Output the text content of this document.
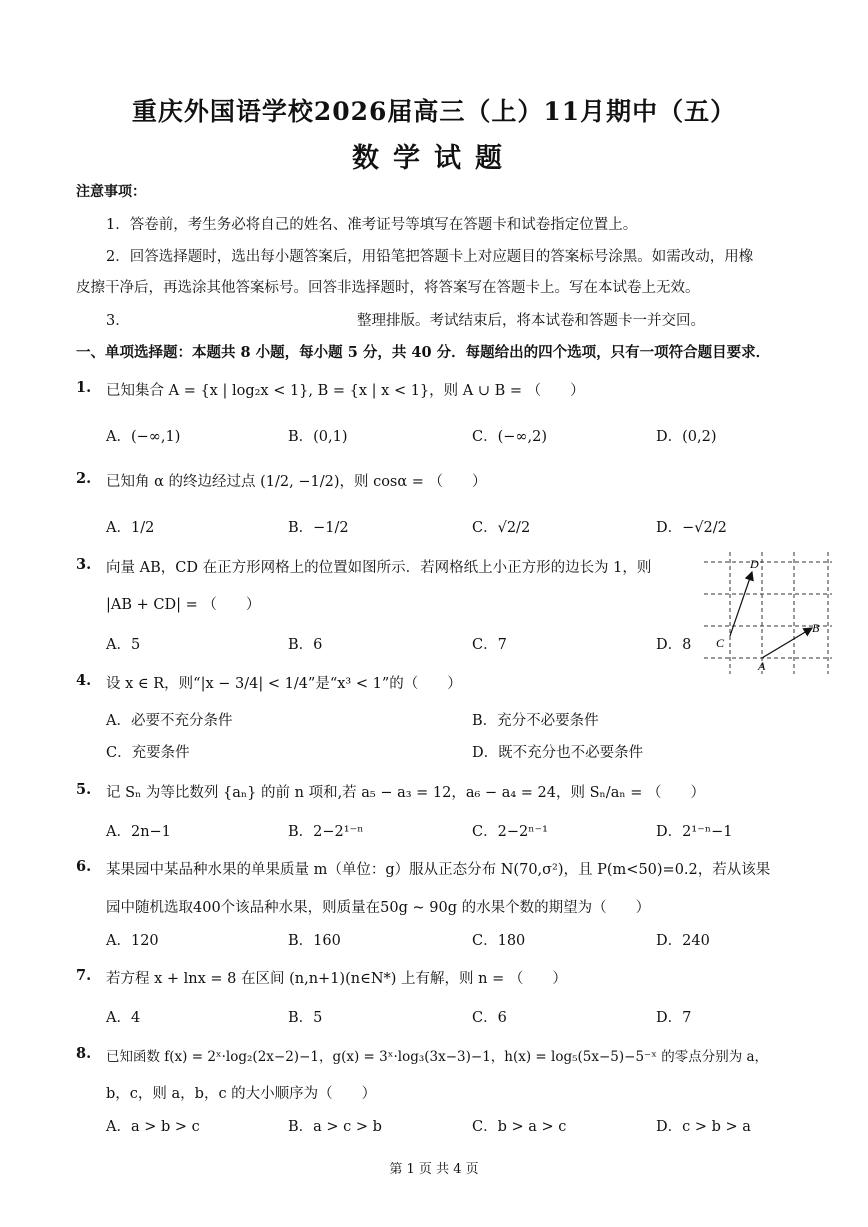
重庆外国语学校2026届高三（上）11月期中（五）
数学试题
注意事项：
1．答卷前，考生务必将自己的姓名、准考证号等填写在答题卡和试卷指定位置上。
2．回答选择题时，选出每小题答案后，用铅笔把答题卡上对应题目的答案标号涂黑。如需改动，用橡
皮擦干净后，再选涂其他答案标号。回答非选择题时，将答案写在答题卡上。写在本试卷上无效。
3．	整理排版。考试结束后，将本试卷和答题卡一并交回。
一、单项选择题：本题共 8 小题，每小题 5 分，共 40 分．每题给出的四个选项，只有一项符合题目要求．
1. 已知集合 A = {x | log₂x < 1}, B = {x | x < 1}，则 A ∪ B = （　　）
A．(−∞,1)	B．(0,1)	C．(−∞,2)	D．(0,2)
2. 已知角 α 的终边经过点 (1/2, −1/2)，则 cosα = （　　）
A．1/2	B．−1/2	C．√2/2	D．−√2/2
3. 向量 AB，CD 在正方形网格上的位置如图所示．若网格纸上小正方形的边长为 1，则
|AB + CD| = （　　）
A．5	B．6	C．7	D．8
D
C
B
A
4. 设 x ∈ R，则“|x − 3/4| < 1/4”是“x³ < 1”的（　　）
A．必要不充分条件	B．充分不必要条件
C．充要条件	D．既不充分也不必要条件
5. 记 Sₙ 为等比数列 {aₙ} 的前 n 项和,若 a₅ − a₃ = 12，a₆ − a₄ = 24，则 Sₙ/aₙ = （　　）
A．2n−1	B．2−2¹⁻ⁿ	C．2−2ⁿ⁻¹	D．2¹⁻ⁿ−1
6. 某果园中某品种水果的单果质量 m（单位：g）服从正态分布 N(70,σ²)，且 P(m<50)=0.2，若从该果
园中随机选取400个该品种水果，则质量在50g ~ 90g 的水果个数的期望为（　　）
A．120	B．160	C．180	D．240
7. 若方程 x + lnx = 8 在区间 (n,n+1)(n∈N*) 上有解，则 n = （　　）
A．4	B．5	C．6	D．7
8. 已知函数 f(x) = 2ˣ·log₂(2x−2)−1，g(x) = 3ˣ·log₃(3x−3)−1，h(x) = log₅(5x−5)−5⁻ˣ 的零点分别为 a，
b，c，则 a，b，c 的大小顺序为（　　）
A．a > b > c	B．a > c > b	C．b > a > c	D．c > b > a
第 1 页 共 4 页
